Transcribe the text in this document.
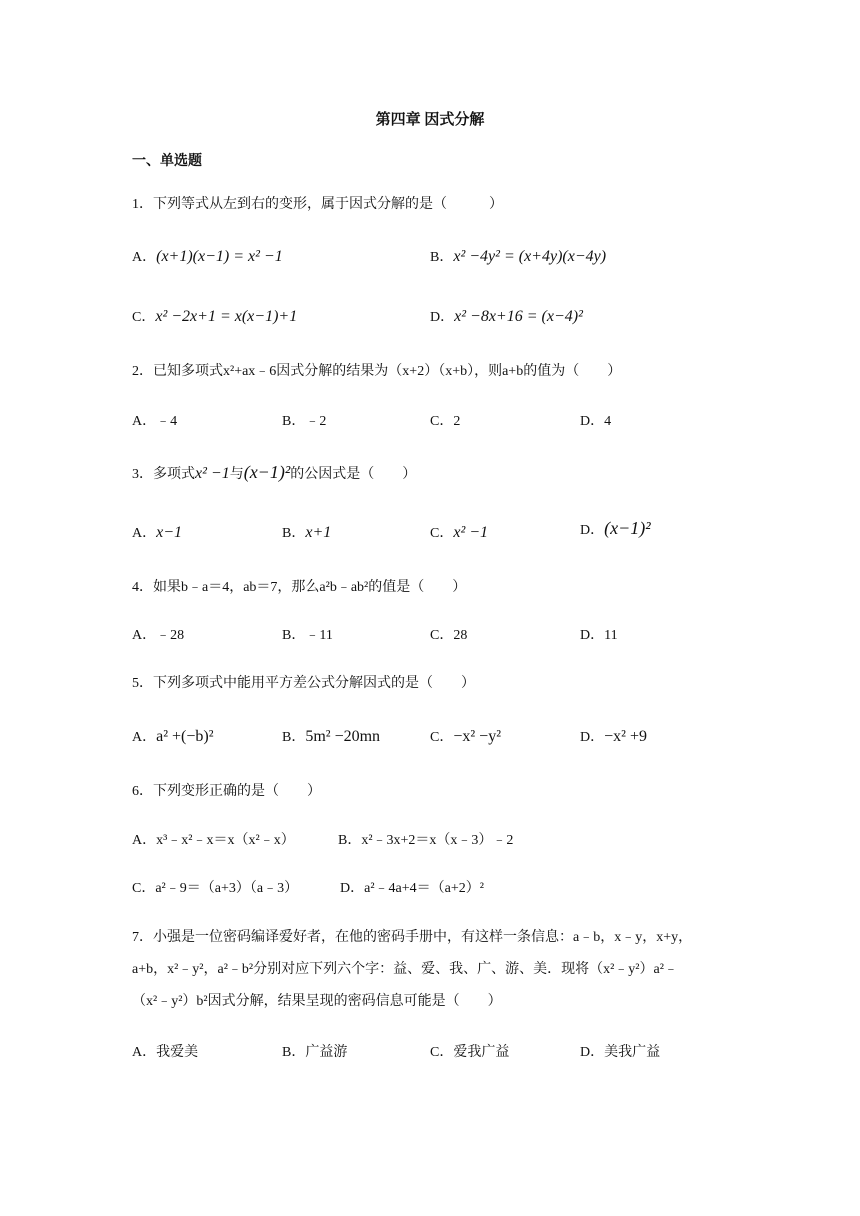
第四章 因式分解
一、单选题
1．下列等式从左到右的变形，属于因式分解的是（　　　）
A．(x+1)(x−1) = x² −1	B．x² −4y² = (x+4y)(x−4y)
C．x² −2x+1 = x(x−1)+1	D．x² −8x+16 = (x−4)²
2．已知多项式x²+ax﹣6因式分解的结果为（x+2）（x+b），则a+b的值为（　　）
A．﹣4	B．﹣2	C．2	D．4
3．多项式x² −1与(x−1)²的公因式是（　　）
A．x−1	B．x+1	C．x² −1	D．(x−1)²
4．如果b﹣a＝4，ab＝7，那么a²b﹣ab²的值是（　　）
A．﹣28	B．﹣11	C．28	D．11
5．下列多项式中能用平方差公式分解因式的是（　　）
A．a² +(−b)²	B．5m² −20mn	C．−x² −y²	D．−x² +9
6．下列变形正确的是（　　）
A．x³﹣x²﹣x＝x（x²﹣x）	B．x²﹣3x+2＝x（x﹣3）﹣2
C．a²﹣9＝（a+3）（a﹣3）	D．a²﹣4a+4＝（a+2）²
7．小强是一位密码编译爱好者，在他的密码手册中，有这样一条信息：a﹣b，x﹣y，x+y，
a+b，x²﹣y²，a²﹣b²分别对应下列六个字：益、爱、我、广、游、美．现将（x²﹣y²）a²﹣
（x²﹣y²）b²因式分解，结果呈现的密码信息可能是（　　）
A．我爱美	B．广益游	C．爱我广益	D．美我广益
